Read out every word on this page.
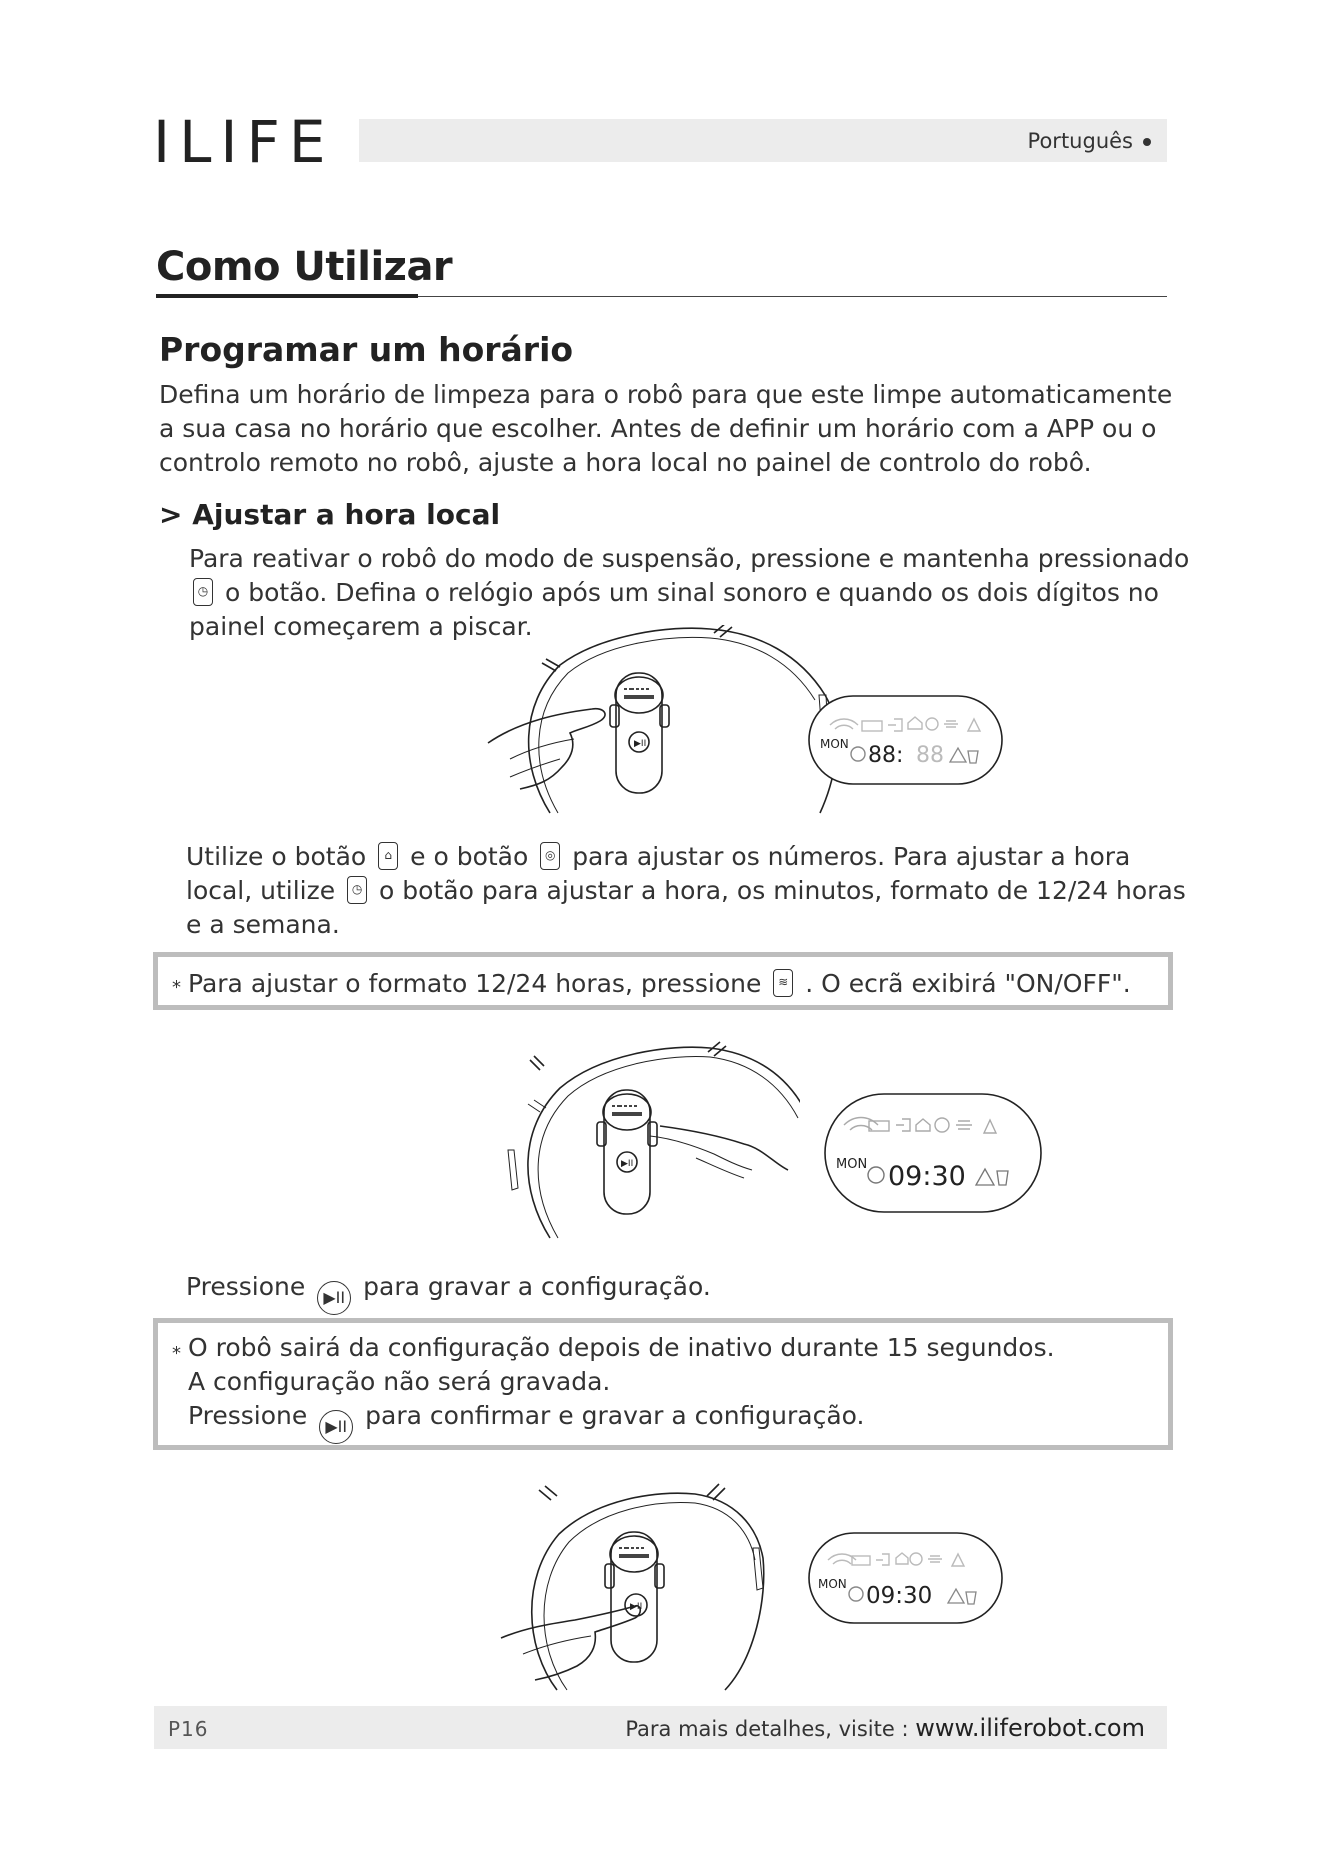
ILIFE	Português
Como Utilizar
Programar um horário
Defina um horário de limpeza para o robô para que este limpe automaticamente
a sua casa no horário que escolher. Antes de definir um horário com a APP ou o
controlo remoto no robô, ajuste a hora local no painel de controlo do robô.
> Ajustar a hora local
Para reativar o robô do modo de suspensão, pressione e mantenha pressionado
◷ o botão. Defina o relógio após um sinal sonoro e quando os dois dígitos no
painel começarem a piscar.
▶II	MON 88: 88
Utilize o botão	⌂ e o botão	◎ para ajustar os números. Para ajustar a hora
local, utilize	◷ o botão para ajustar a hora, os minutos, formato de 12/24 horas
e a semana.
* Para ajustar o formato 12/24 horas, pressione	≋ . O ecrã exibirá "ON/OFF".
▶II	MON 09:30
Pressione ▶II para gravar a configuração.
* O robô sairá da configuração depois de inativo durante 15 segundos.
A configuração não será gravada.
Pressione ▶II para confirmar e gravar a configuração.
▶II
MON 09:30
P16	Para mais detalhes, visite : www.iliferobot.com
